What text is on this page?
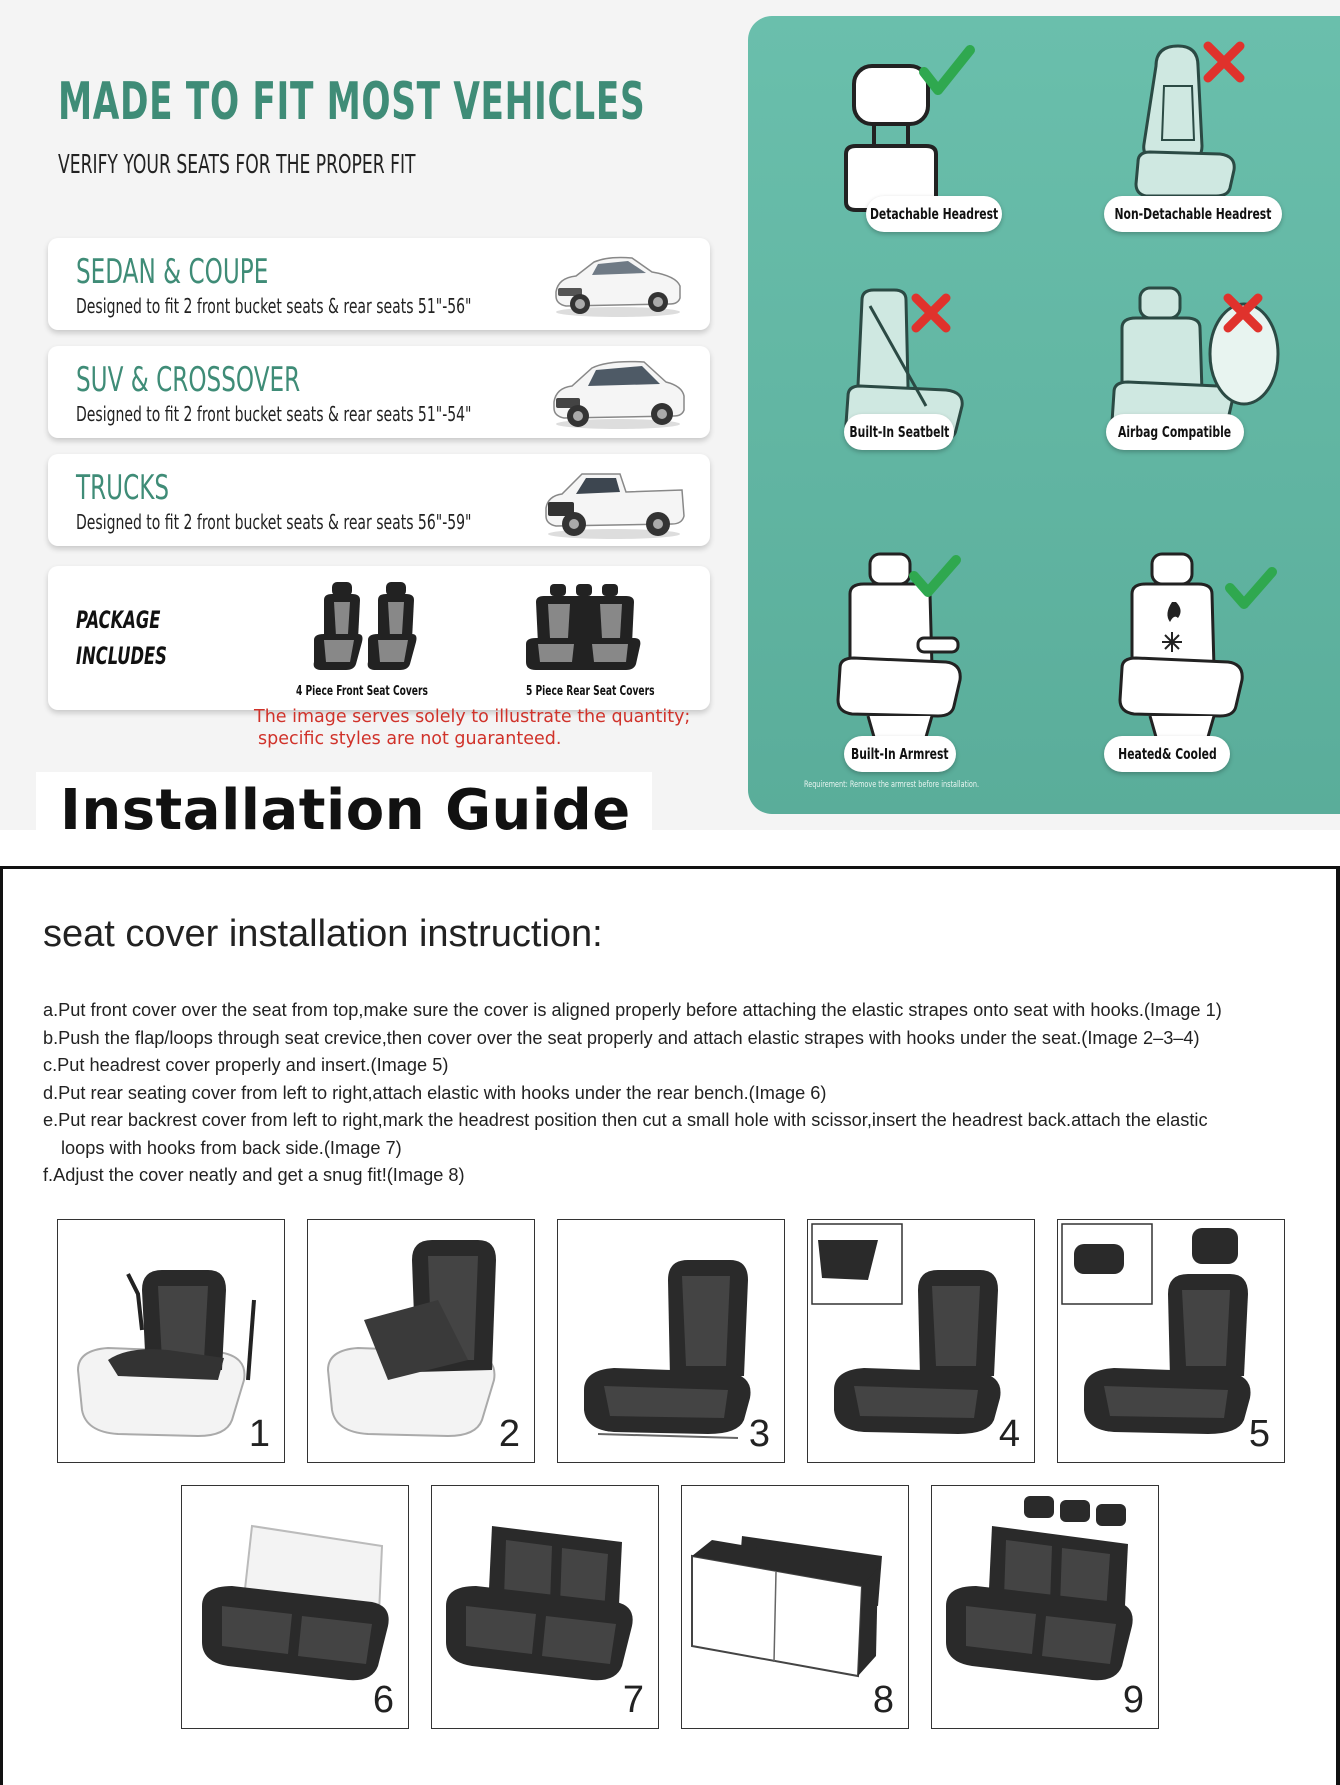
MADE TO FIT MOST VEHICLES
VERIFY YOUR SEATS FOR THE PROPER FIT
SEDAN & COUPE
Designed to fit 2 front bucket seats & rear seats 51"-56"
SUV & CROSSOVER
Designed to fit 2 front bucket seats & rear seats 51"-54"
TRUCKS
Designed to fit 2 front bucket seats & rear seats 56"-59"
PACKAGE
INCLUDES
4 Piece Front Seat Covers	5 Piece Rear Seat Covers
The image serves solely to illustrate the quantity;
specific styles are not guaranteed.
Detachable Headrest	Non-Detachable Headrest
Built-In Seatbelt	Airbag Compatible
Built-In Armrest	Heated& Cooled
Requirement: Remove the armrest before installation.
Installation Guide
seat cover installation instruction:
a.Put front cover over the seat from top,make sure the cover is aligned properly before attaching the elastic strapes onto seat with hooks.(Image 1)
b.Push the flap/loops through seat crevice,then cover over the seat properly and attach elastic strapes with hooks under the seat.(Image 2–3–4)
c.Put headrest cover properly and insert.(Image 5)
d.Put rear seating cover from left to right,attach elastic with hooks under the rear bench.(Image 6)
e.Put rear backrest cover from left to right,mark the headrest position then cut a small hole with scissor,insert the headrest back.attach the elastic
loops with hooks from back side.(Image 7)
f.Adjust the cover neatly and get a snug fit!(Image 8)
1	2	3	4	5
6	7	8	9
